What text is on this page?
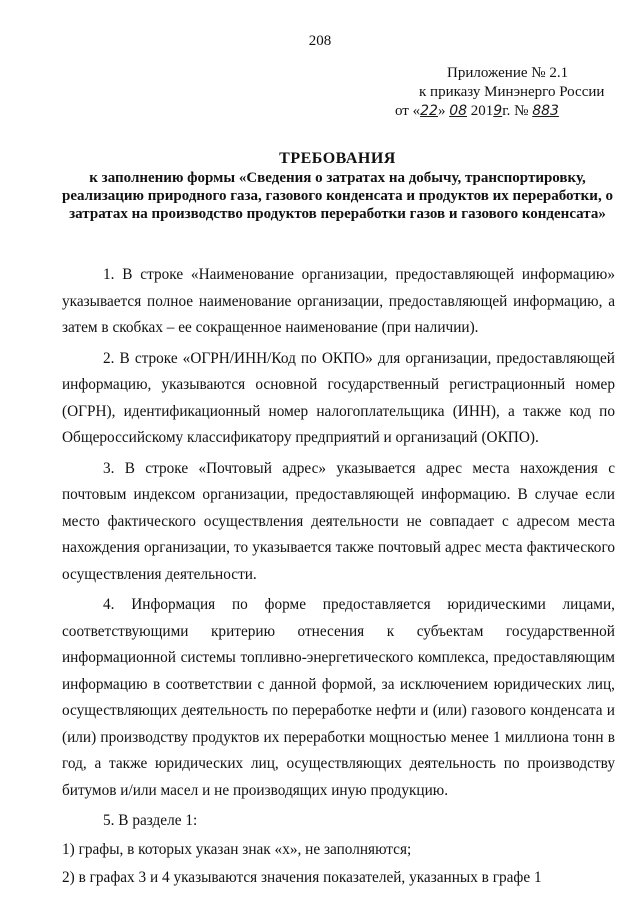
208
Приложение № 2.1
к приказу Минэнерго России
от «22» 08 2019г. № 883
ТРЕБОВАНИЯ
к заполнению формы «Сведения о затратах на добычу, транспортировку, реализацию природного газа, газового конденсата и продуктов их переработки, о затратах на производство продуктов переработки газов и газового конденсата»

1. В строке «Наименование организации, предоставляющей информацию» указывается полное наименование организации, предоставляющей информацию, а затем в скобках – ее сокращенное наименование (при наличии).

2. В строке «ОГРН/ИНН/Код по ОКПО» для организации, предоставляющей информацию, указываются основной государственный регистрационный номер (ОГРН), идентификационный номер налогоплательщика (ИНН), а также код по Общероссийскому классификатору предприятий и организаций (ОКПО).

3. В строке «Почтовый адрес» указывается адрес места нахождения с почтовым индексом организации, предоставляющей информацию. В случае если место фактического осуществления деятельности не совпадает с адресом места нахождения организации, то указывается также почтовый адрес места фактического осуществления деятельности.

4. Информация по форме предоставляется юридическими лицами, соответствующими критерию отнесения к субъектам государственной информационной системы топливно-энергетического комплекса, предоставляющим информацию в соответствии с данной формой, за исключением юридических лиц, осуществляющих деятельность по переработке нефти и (или) газового конденсата и (или) производству продуктов их переработки мощностью менее 1 миллиона тонн в год, а также юридических лиц, осуществляющих деятельность по производству битумов и/или масел и не производящих иную продукцию.

5. В разделе 1:

1) графы, в которых указан знак «х», не заполняются;

2) в графах 3 и 4 указываются значения показателей, указанных в графе 1
